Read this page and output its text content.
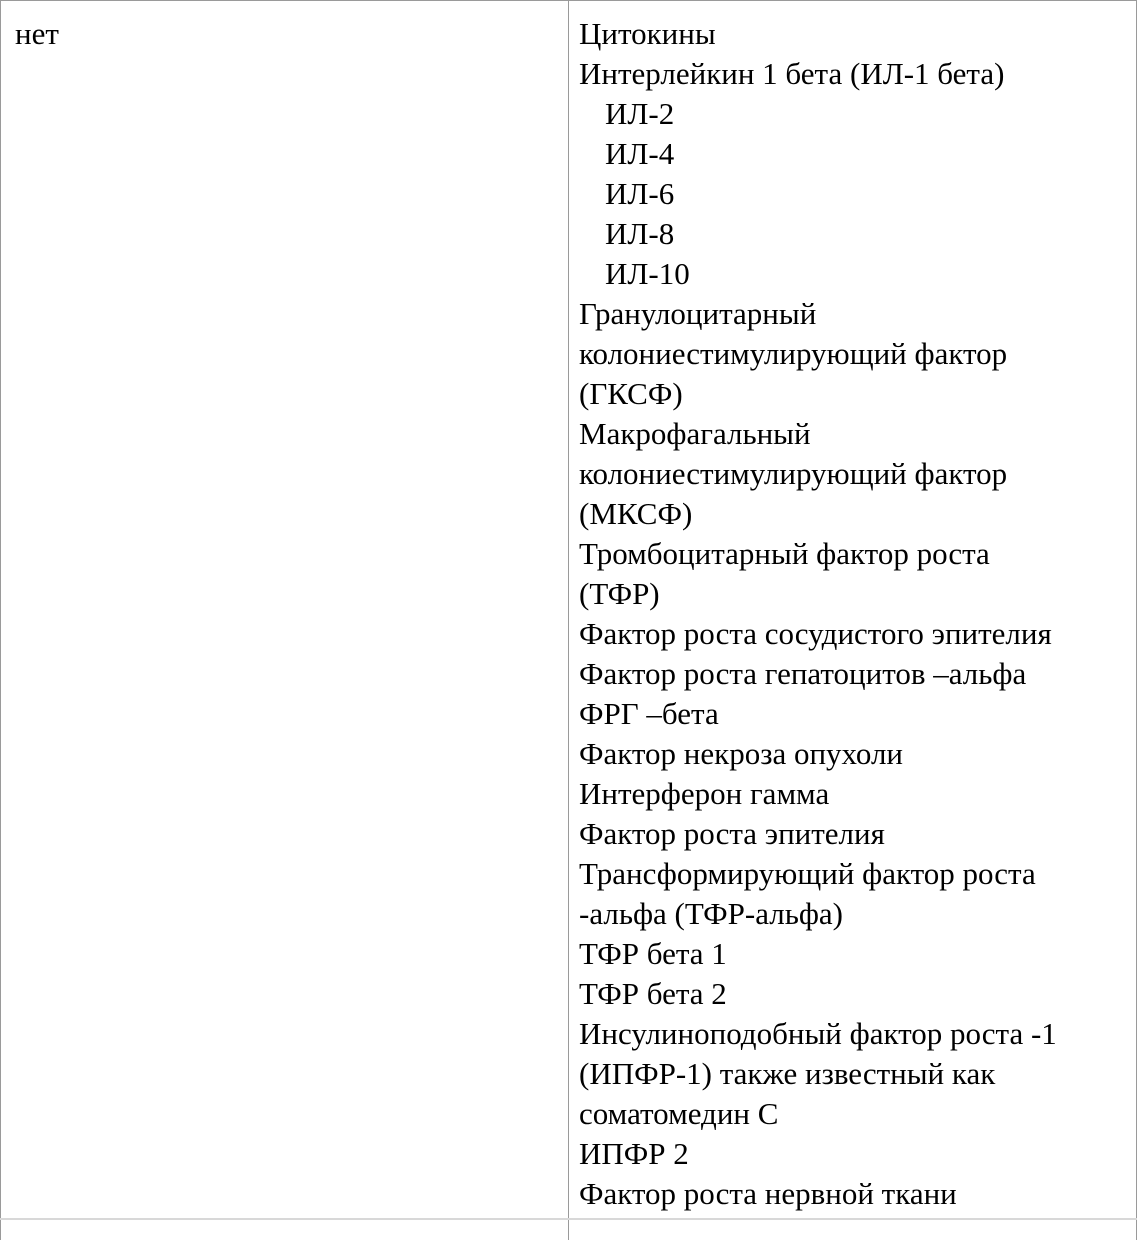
нет	Цитокины
Интерлейкин 1 бета (ИЛ-1 бета)
ИЛ-2
ИЛ-4
ИЛ-6
ИЛ-8
ИЛ-10
Гранулоцитарный
колониестимулирующий фактор
(ГКСФ)
Макрофагальный
колониестимулирующий фактор
(МКСФ)
Тромбоцитарный фактор роста
(ТФР)
Фактор роста сосудистого эпителия
Фактор роста гепатоцитов –альфа
ФРГ –бета
Фактор некроза опухоли
Интерферон гамма
Фактор роста эпителия
Трансформирующий фактор роста
-альфа (ТФР-альфа)
ТФР бета 1
ТФР бета 2
Инсулиноподобный фактор роста -1
(ИПФР-1) также известный как
соматомедин С
ИПФР 2
Фактор роста нервной ткани
